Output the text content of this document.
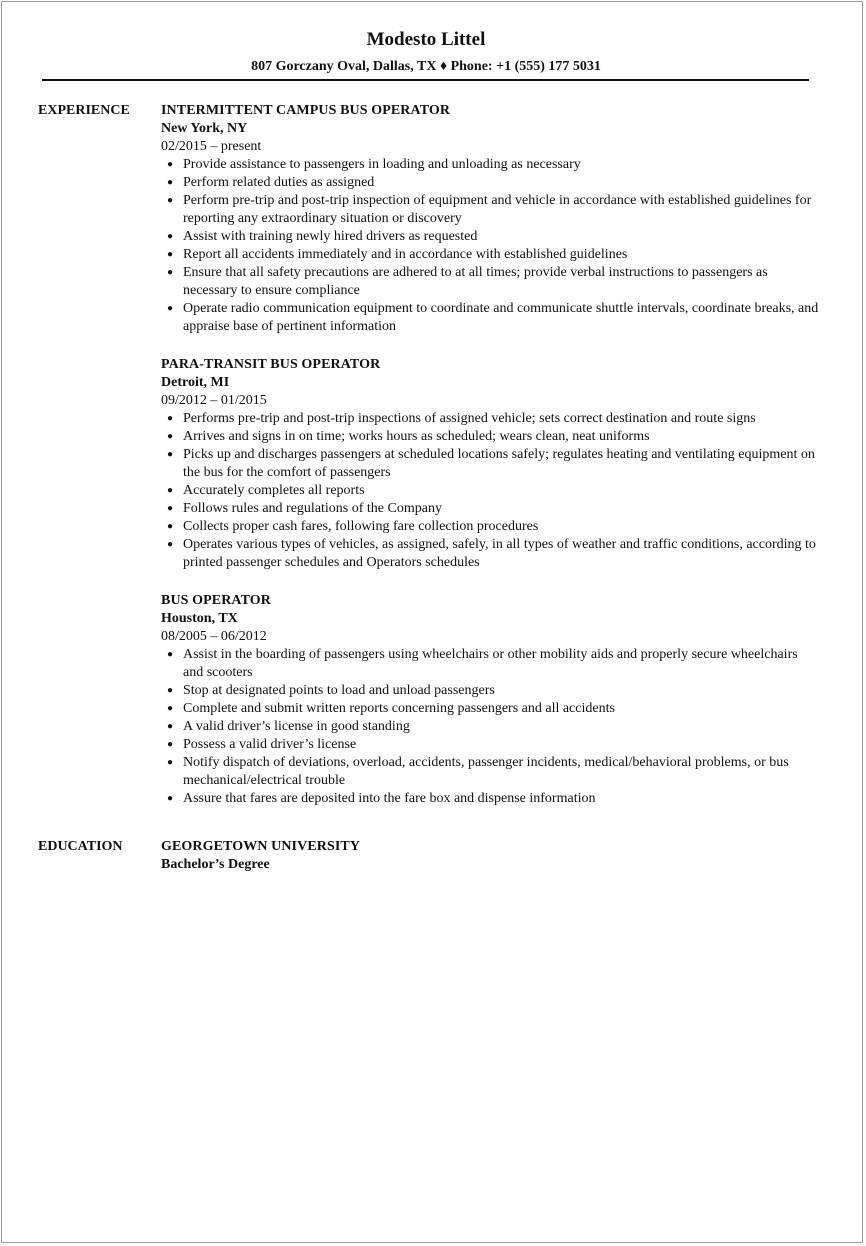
Modesto Littel
807 Gorczany Oval, Dallas, TX ♦ Phone: +1 (555) 177 5031
EXPERIENCE INTERMITTENT CAMPUS BUS OPERATOR
New York, NY
02/2015 – present
● Provide assistance to passengers in loading and unloading as necessary
● Perform related duties as assigned
● Perform pre-trip and post-trip inspection of equipment and vehicle in accordance with established guidelines for reporting any extraordinary situation or discovery
● Assist with training newly hired drivers as requested
● Report all accidents immediately and in accordance with established guidelines
● Ensure that all safety precautions are adhered to at all times; provide verbal instructions to passengers as necessary to ensure compliance
● Operate radio communication equipment to coordinate and communicate shuttle intervals, coordinate breaks, and appraise base of pertinent information
PARA-TRANSIT BUS OPERATOR
Detroit, MI
09/2012 – 01/2015
● Performs pre-trip and post-trip inspections of assigned vehicle; sets correct destination and route signs
● Arrives and signs in on time; works hours as scheduled; wears clean, neat uniforms
● Picks up and discharges passengers at scheduled locations safely; regulates heating and ventilating equipment on the bus for the comfort of passengers
● Accurately completes all reports
● Follows rules and regulations of the Company
● Collects proper cash fares, following fare collection procedures
● Operates various types of vehicles, as assigned, safely, in all types of weather and traffic conditions, according to printed passenger schedules and Operators schedules
BUS OPERATOR
Houston, TX
08/2005 – 06/2012
● Assist in the boarding of passengers using wheelchairs or other mobility aids and properly secure wheelchairs and scooters
● Stop at designated points to load and unload passengers
● Complete and submit written reports concerning passengers and all accidents
● A valid driver’s license in good standing
● Possess a valid driver’s license
● Notify dispatch of deviations, overload, accidents, passenger incidents, medical/behavioral problems, or bus mechanical/electrical trouble
● Assure that fares are deposited into the fare box and dispense information
EDUCATION	GEORGETOWN UNIVERSITY
Bachelor’s Degree
